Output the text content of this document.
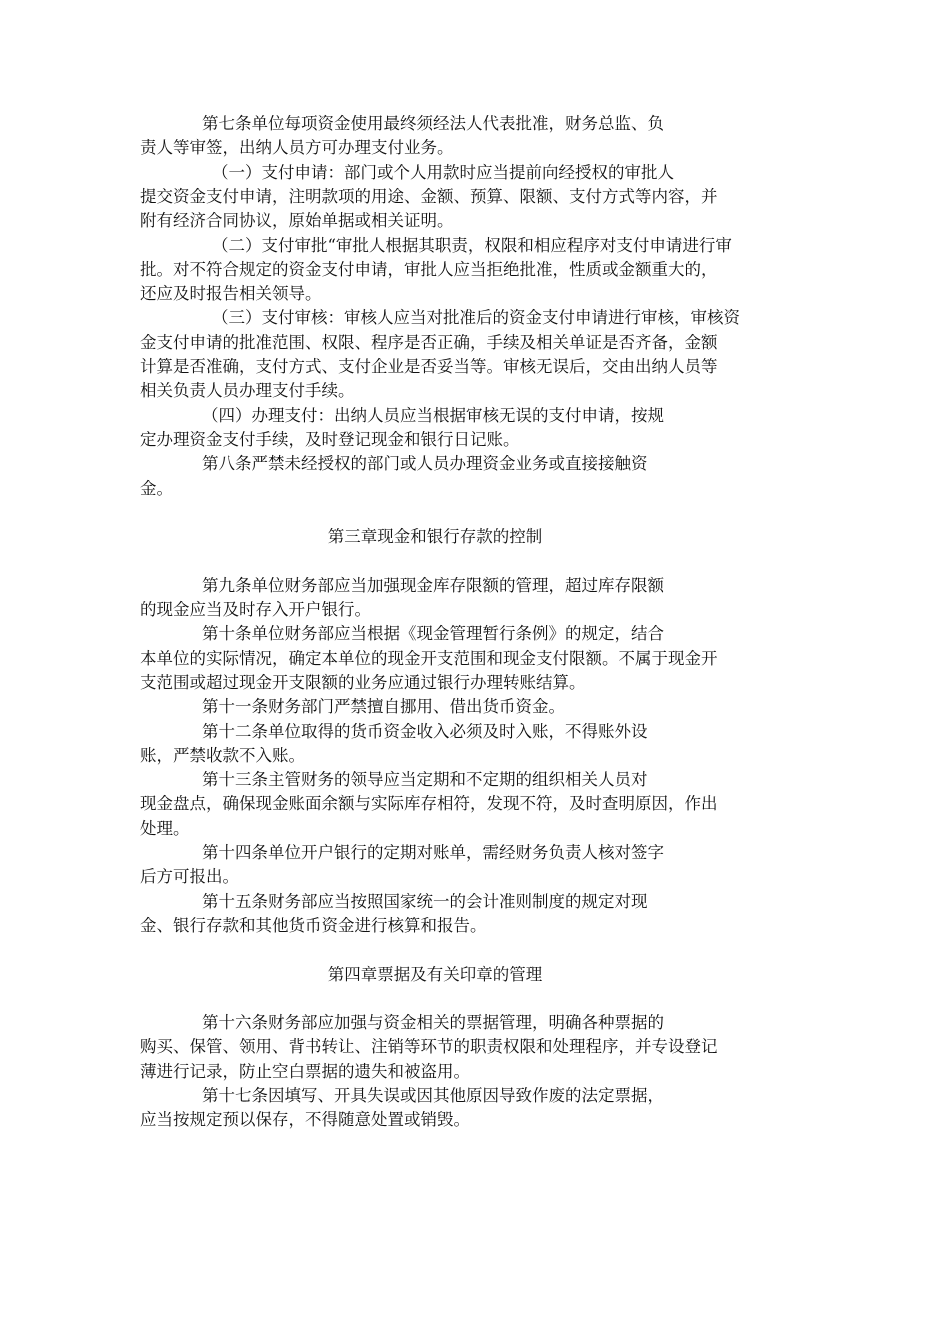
第七条单位每项资金使用最终须经法人代表批准，财务总监、负
责人等审签，出纳人员方可办理支付业务。
（一）支付申请：部门或个人用款时应当提前向经授权的审批人
提交资金支付申请，注明款项的用途、金额、预算、限额、支付方式等内容，并
附有经济合同协议，原始单据或相关证明。
（二）支付审批“审批人根据其职责，权限和相应程序对支付申请进行审
批。对不符合规定的资金支付申请，审批人应当拒绝批准，性质或金额重大的，
还应及时报告相关领导。
（三）支付审核：审核人应当对批准后的资金支付申请进行审核，审核资
金支付申请的批准范围、权限、程序是否正确，手续及相关单证是否齐备，金额
计算是否准确，支付方式、支付企业是否妥当等。审核无误后，交由出纳人员等
相关负责人员办理支付手续。
（四）办理支付：出纳人员应当根据审核无误的支付申请，按规
定办理资金支付手续，及时登记现金和银行日记账。
第八条严禁未经授权的部门或人员办理资金业务或直接接触资
金。
第三章现金和银行存款的控制
第九条单位财务部应当加强现金库存限额的管理，超过库存限额
的现金应当及时存入开户银行。
第十条单位财务部应当根据《现金管理暂行条例》的规定，结合
本单位的实际情况，确定本单位的现金开支范围和现金支付限额。不属于现金开
支范围或超过现金开支限额的业务应通过银行办理转账结算。
第十一条财务部门严禁擅自挪用、借出货币资金。
第十二条单位取得的货币资金收入必须及时入账，不得账外设
账，严禁收款不入账。
第十三条主管财务的领导应当定期和不定期的组织相关人员对
现金盘点，确保现金账面余额与实际库存相符，发现不符，及时查明原因，作出
处理。
第十四条单位开户银行的定期对账单，需经财务负责人核对签字
后方可报出。
第十五条财务部应当按照国家统一的会计准则制度的规定对现
金、银行存款和其他货币资金进行核算和报告。
第四章票据及有关印章的管理
第十六条财务部应加强与资金相关的票据管理，明确各种票据的
购买、保管、领用、背书转让、注销等环节的职责权限和处理程序，并专设登记
薄进行记录，防止空白票据的遗失和被盗用。
第十七条因填写、开具失误或因其他原因导致作废的法定票据，
应当按规定预以保存，不得随意处置或销毁。
